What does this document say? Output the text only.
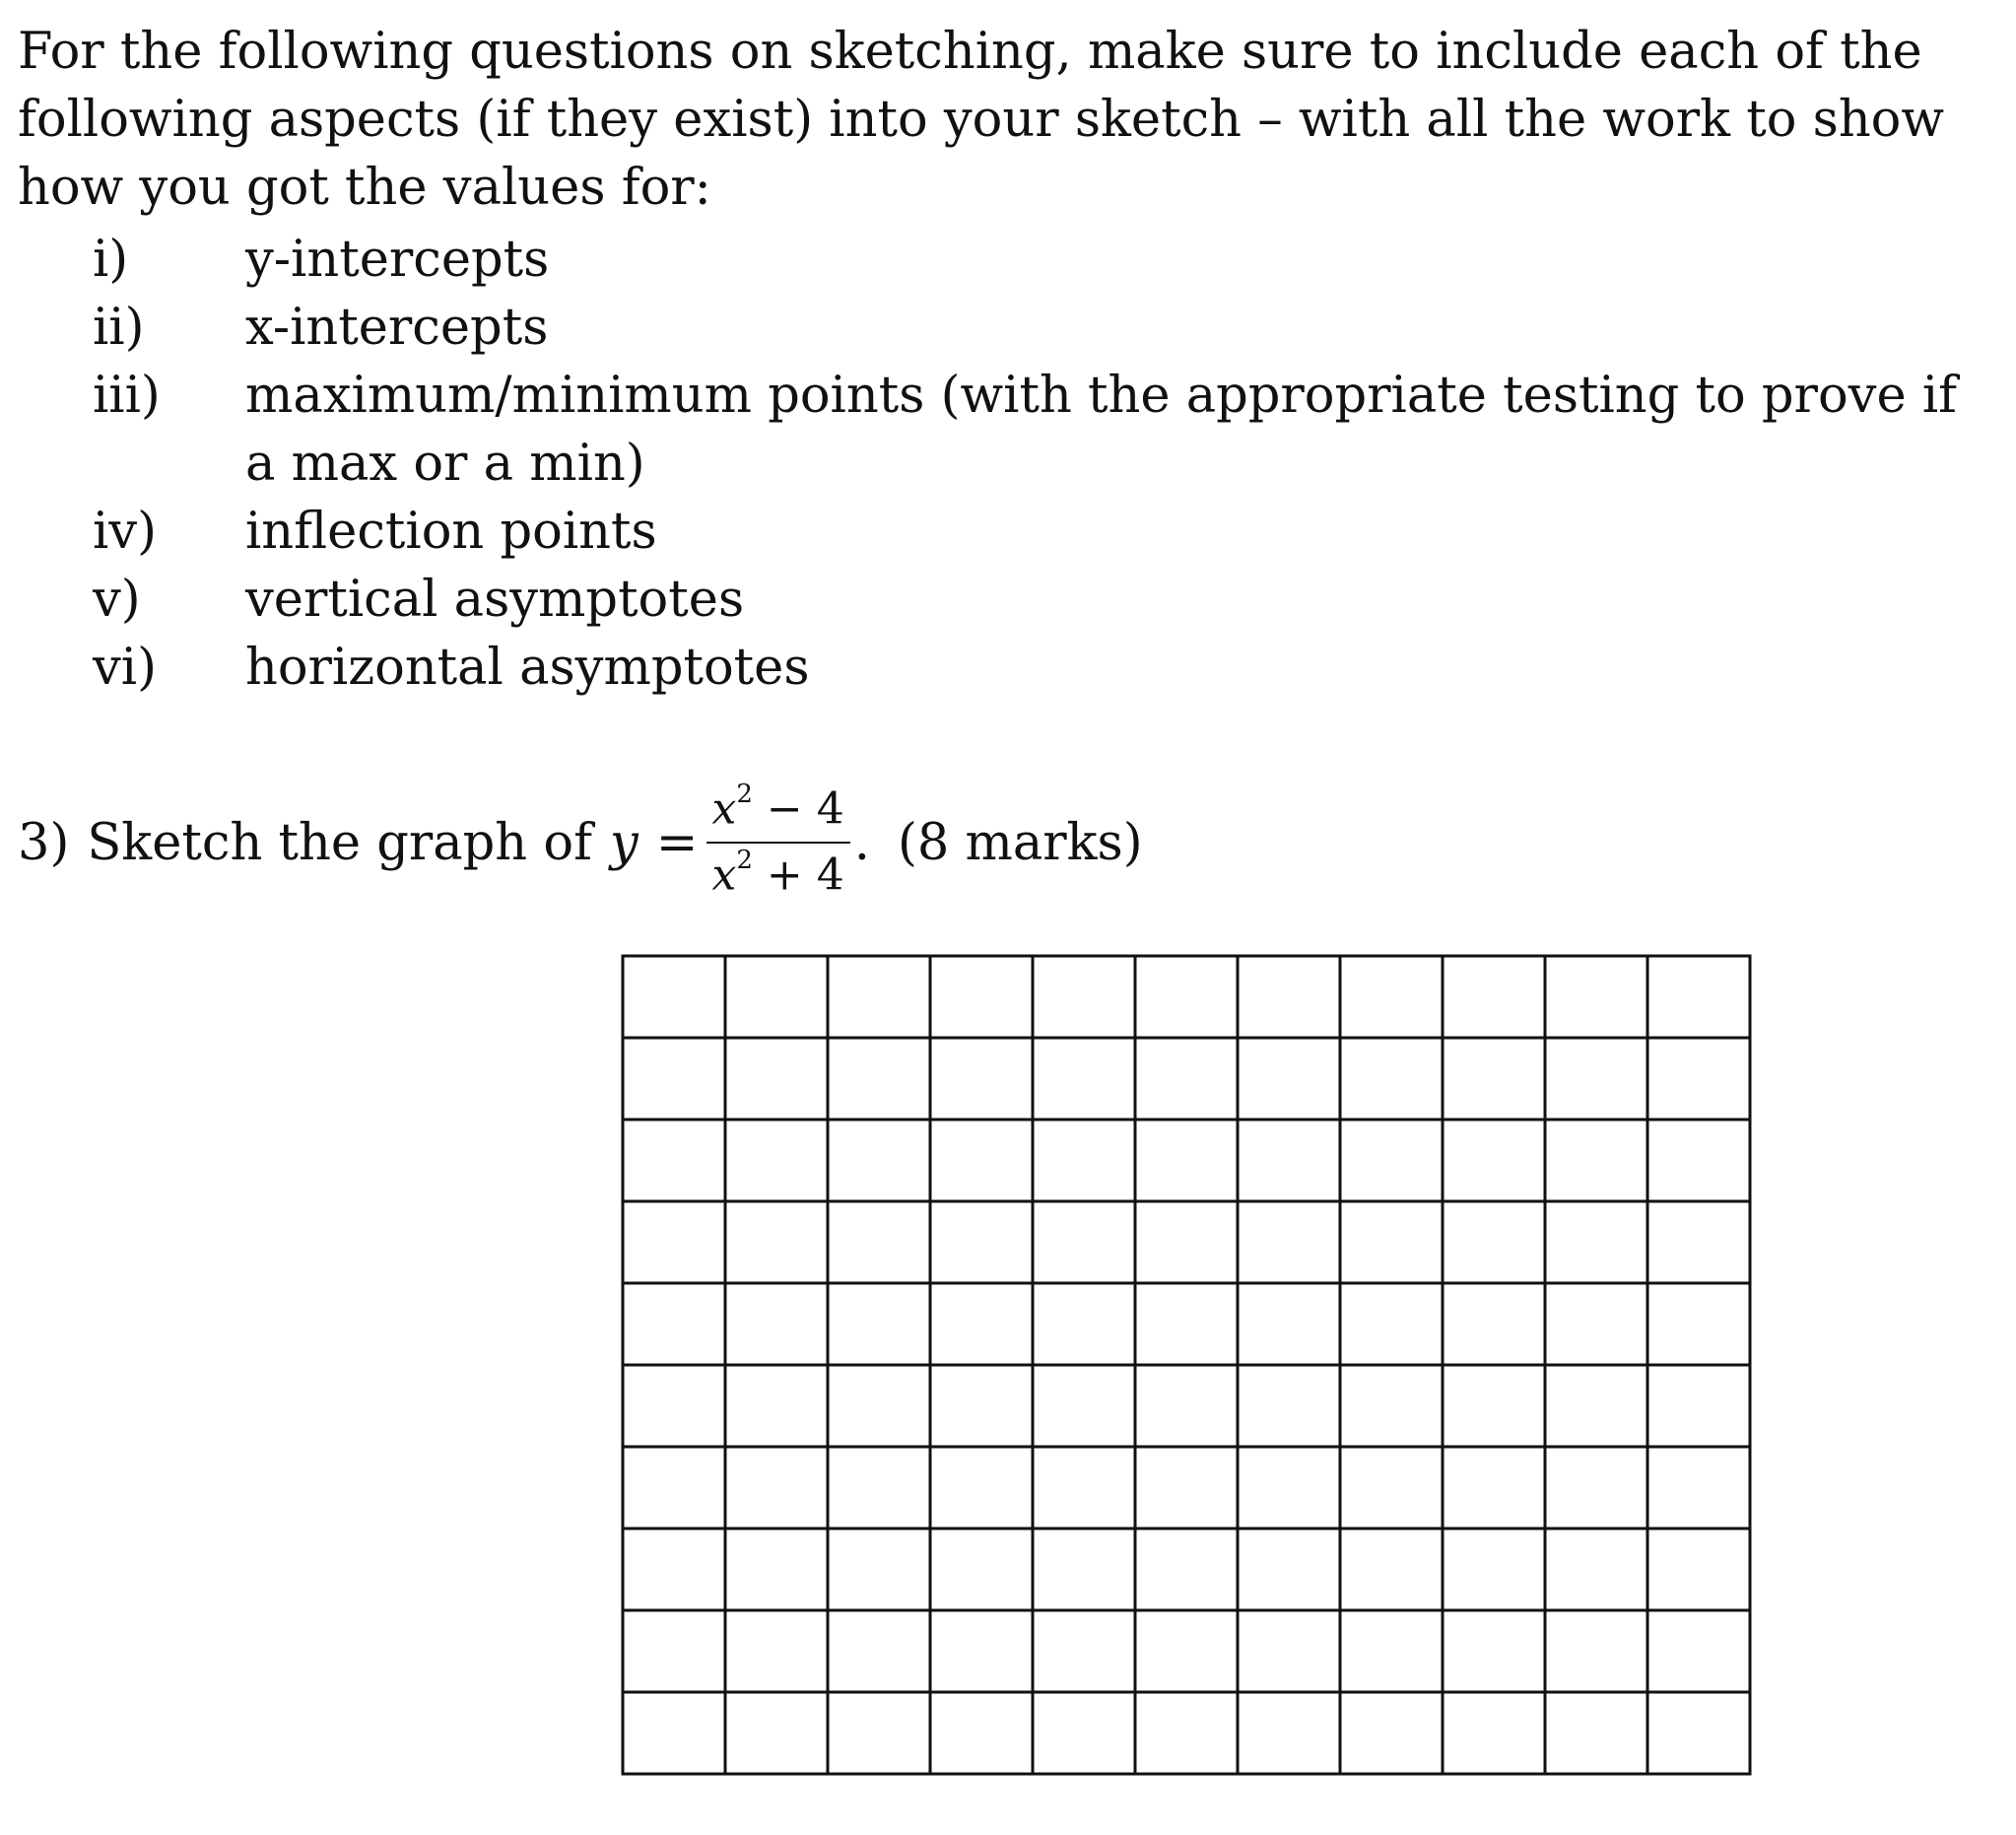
For the following questions on sketching, make sure to include each of the following aspects (if they exist) into your sketch – with all the work to show how you got the values for:

i)	y-intercepts
ii)	x-intercepts
iii)	maximum/minimum points (with the appropriate testing to prove if a max or a min)
iv)	inflection points
v)	vertical asymptotes
vi)	horizontal asymptotes
3) Sketch the graph of $y = \frac{x^2 - 4}{x^2 + 4}$ . (8 marks)
